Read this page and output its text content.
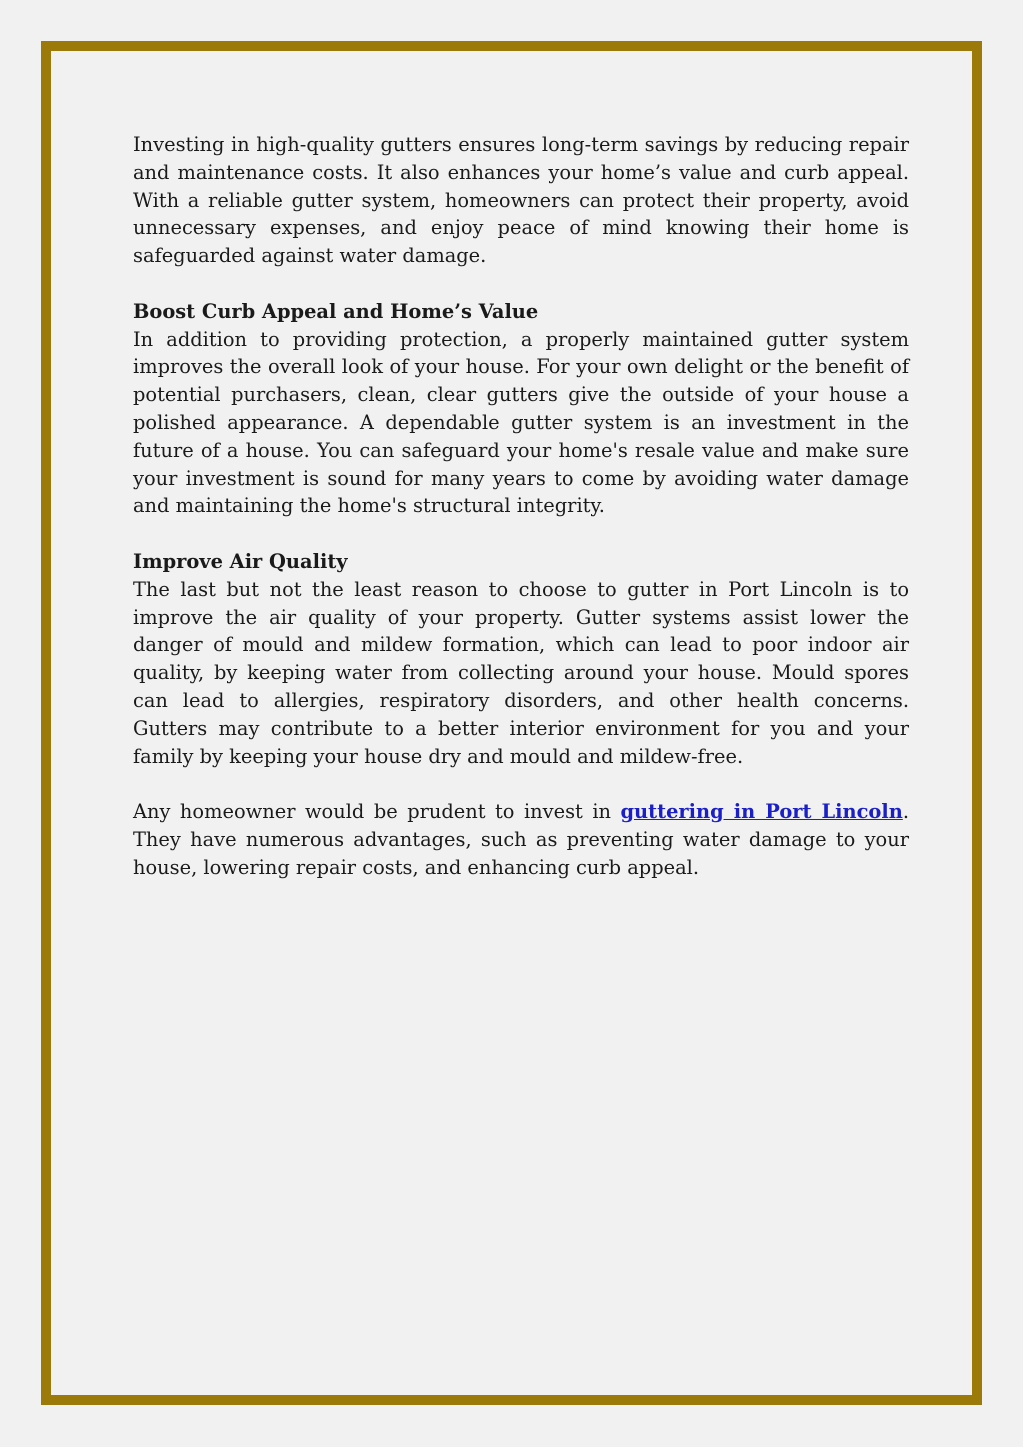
Investing in high-quality gutters ensures long-term savings by reducing repair and maintenance costs. It also enhances your home’s value and curb appeal. With a reliable gutter system, homeowners can protect their property, avoid unnecessary expenses, and enjoy peace of mind knowing their home is safeguarded against water damage.

Boost Curb Appeal and Home’s Value

In addition to providing protection, a properly maintained gutter system improves the overall look of your house. For your own delight or the benefit of potential purchasers, clean, clear gutters give the outside of your house a polished appearance. A dependable gutter system is an investment in the future of a house. You can safeguard your home's resale value and make sure your investment is sound for many years to come by avoiding water damage and maintaining the home's structural integrity.

Improve Air Quality

The last but not the least reason to choose to gutter in Port Lincoln is to improve the air quality of your property. Gutter systems assist lower the danger of mould and mildew formation, which can lead to poor indoor air quality, by keeping water from collecting around your house. Mould spores can lead to allergies, respiratory disorders, and other health concerns. Gutters may contribute to a better interior environment for you and your family by keeping your house dry and mould and mildew-free.

Any homeowner would be prudent to invest in guttering in Port Lincoln. They have numerous advantages, such as preventing water damage to your house, lowering repair costs, and enhancing curb appeal.
